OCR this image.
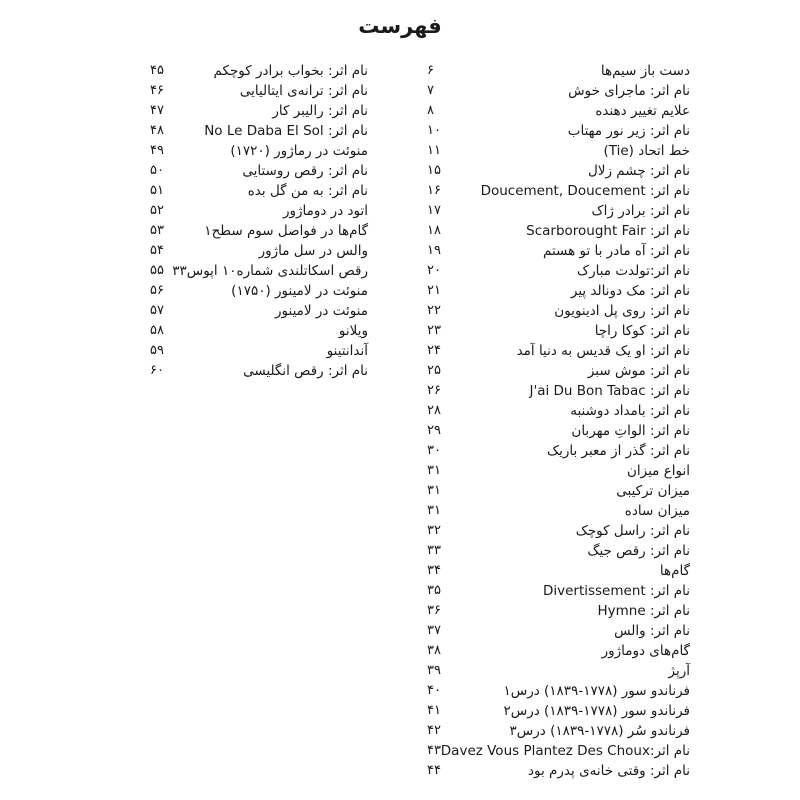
فهرست
۴۵	نام اثر: بخواب برادر کوچکم
۴۶	نام اثر: ترانه‌ی ایتالیایی
۴۷	نام اثر: رالیبر کار
۴۸	نام اثر: No Le Daba El Sol
۴۹	منوئت در رماژور (۱۷۲۰)
۵۰	نام اثر: رقص روستایی
۵۱	نام اثر: به من گل بده
۵۲	اتود در دوماژور
۵۳	گام‌ها در فواصل سوم سطح۱
۵۴	والس در سل ماژور
۵۵ رقص اسکاتلندی شماره۱۰ اپوس۳۳
۵۶	منوئت در لامینور (۱۷۵۰)
۵۷	منوئت در لامینور
۵۸	ویلانو
۵۹	آندانتینو
۶۰	نام اثر: رقص انگلیسی
۶	دست باز سیم‌ها
۷	نام اثر: ماجرای خوش
۸	علایم تغییر دهنده
۱۰	نام اثر: زیر نور مهتاب
۱۱	خط اتحاد (Tie)
۱۵	نام اثر: چشم زلال
۱۶	نام اثر: Doucement, Doucement
۱۷	نام اثر: برادر ژاک
۱۸	نام اثر: Scarborought Fair
۱۹	نام اثر: آه مادر با تو هستم
۲۰	نام اثر:تولدت مبارک
۲۱	نام اثر: مک دونالد پیر
۲۲	نام اثر: روی پل ادینویون
۲۳	نام اثر: کوکا راچا
۲۴	نام اثر: او یک قدیس به دنیا آمد
۲۵	نام اثر: موش سبز
۲۶	نام اثر: J'ai Du Bon Tabac
۲۸	نام اثر: بامداد دوشنبه
۲۹	نام اثر: الواتِ مهربان
۳۰	نام اثر: گذر از معبر باریک
۳۱	انواع میزان
۳۱	میزان ترکیبی
۳۱	میزان ساده
۳۲	نام اثر: راسل کوچک
۳۳	نام اثر: رقص جیگ
۳۴	گام‌ها
۳۵	نام اثر: Divertissement
۳۶	نام اثر: Hymne
۳۷	نام اثر: والس
۳۸	گام‌های دوماژور
۳۹	آرپژ
۴۰	فرناندو سور (۱۷۷۸-۱۸۳۹) درس۱
۴۱	فرناندو سور (۱۷۷۸-۱۸۳۹) درس۲
۴۲	فرناندو سُر (۱۷۷۸-۱۸۳۹) درس۳
۴۳ نام اثر:Davez Vous Plantez Des Choux
۴۴	نام اثر: وقتی خانه‌ی پدرم بود
